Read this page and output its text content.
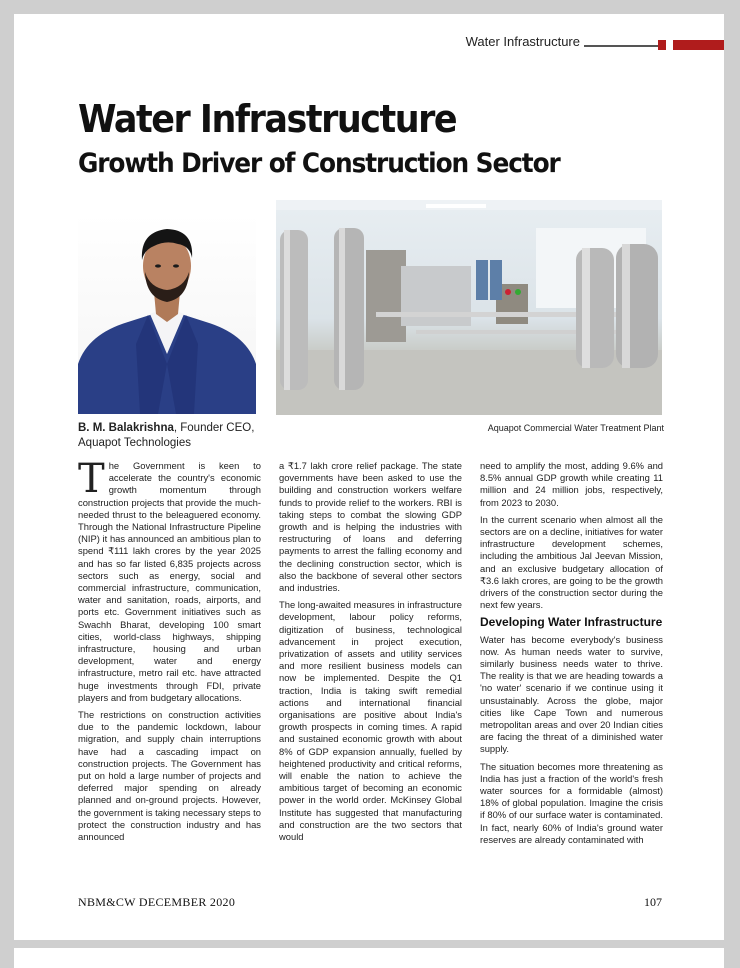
Water Infrastructure
Water Infrastructure
Growth Driver of Construction Sector
B. M. Balakrishna, Founder CEO,
Aquapot Technologies
Aquapot Commercial Water Treatment Plant

The Government is keen to accelerate the country's economic growth momentum through construction projects that provide the much-needed thrust to the beleaguered economy. Through the National Infrastructure Pipeline (NIP) it has announced an ambitious plan to spend ₹111 lakh crores by the year 2025 and has so far listed 6,835 projects across sectors such as energy, social and commercial infrastructure, communication, water and sanitation, roads, airports, and ports etc. Government initiatives such as Swachh Bharat, developing 100 smart cities, world-class highways, shipping infrastructure, housing and urban development, water and energy infrastructure, metro rail etc. have attracted huge investments through FDI, private players and from budgetary allocations.

The restrictions on construction activities due to the pandemic lockdown, labour migration, and supply chain interruptions have had a cascading impact on construction projects. The Government has put on hold a large number of projects and deferred major spending on already planned and on-ground projects. However, the government is taking necessary steps to protect the construction industry and has announced

a ₹1.7 lakh crore relief package. The state governments have been asked to use the building and construction workers welfare funds to provide relief to the workers. RBI is taking steps to combat the slowing GDP growth and is helping the industries with restructuring of loans and deferring payments to arrest the falling economy and the declining construction sector, which is also the backbone of several other sectors and industries.

The long-awaited measures in infrastructure development, labour policy reforms, digitization of business, technological advancement in project execution, privatization of assets and utility services and more resilient business models can now be implemented. Despite the Q1 traction, India is taking swift remedial actions and international financial organisations are positive about India's growth prospects in coming times. A rapid and sustained economic growth with about 8% of GDP expansion annually, fuelled by heightened productivity and critical reforms, will enable the nation to achieve the ambitious target of becoming an economic power in the world order. McKinsey Global Institute has suggested that manufacturing and construction are the two sectors that would

need to amplify the most, adding 9.6% and 8.5% annual GDP growth while creating 11 million and 24 million jobs, respectively, from 2023 to 2030.

In the current scenario when almost all the sectors are on a decline, initiatives for water infrastructure development schemes, including the ambitious Jal Jeevan Mission, and an exclusive budgetary allocation of ₹3.6 lakh crores, are going to be the growth drivers of the construction sector during the next few years.

Developing Water Infrastructure

Water has become everybody's business now. As human needs water to survive, similarly business needs water to thrive. The reality is that we are heading towards a 'no water' scenario if we continue using it unsustainably. Across the globe, major cities like Cape Town and numerous metropolitan areas and over 20 Indian cities are facing the threat of a diminished water supply.

The situation becomes more threatening as India has just a fraction of the world's fresh water sources for a formidable (almost) 18% of global population. Imagine the crisis if 80% of our surface water is contaminated. In fact, nearly 60% of India's ground water reserves are already contaminated with

NBM&CW DECEMBER 2020	107
